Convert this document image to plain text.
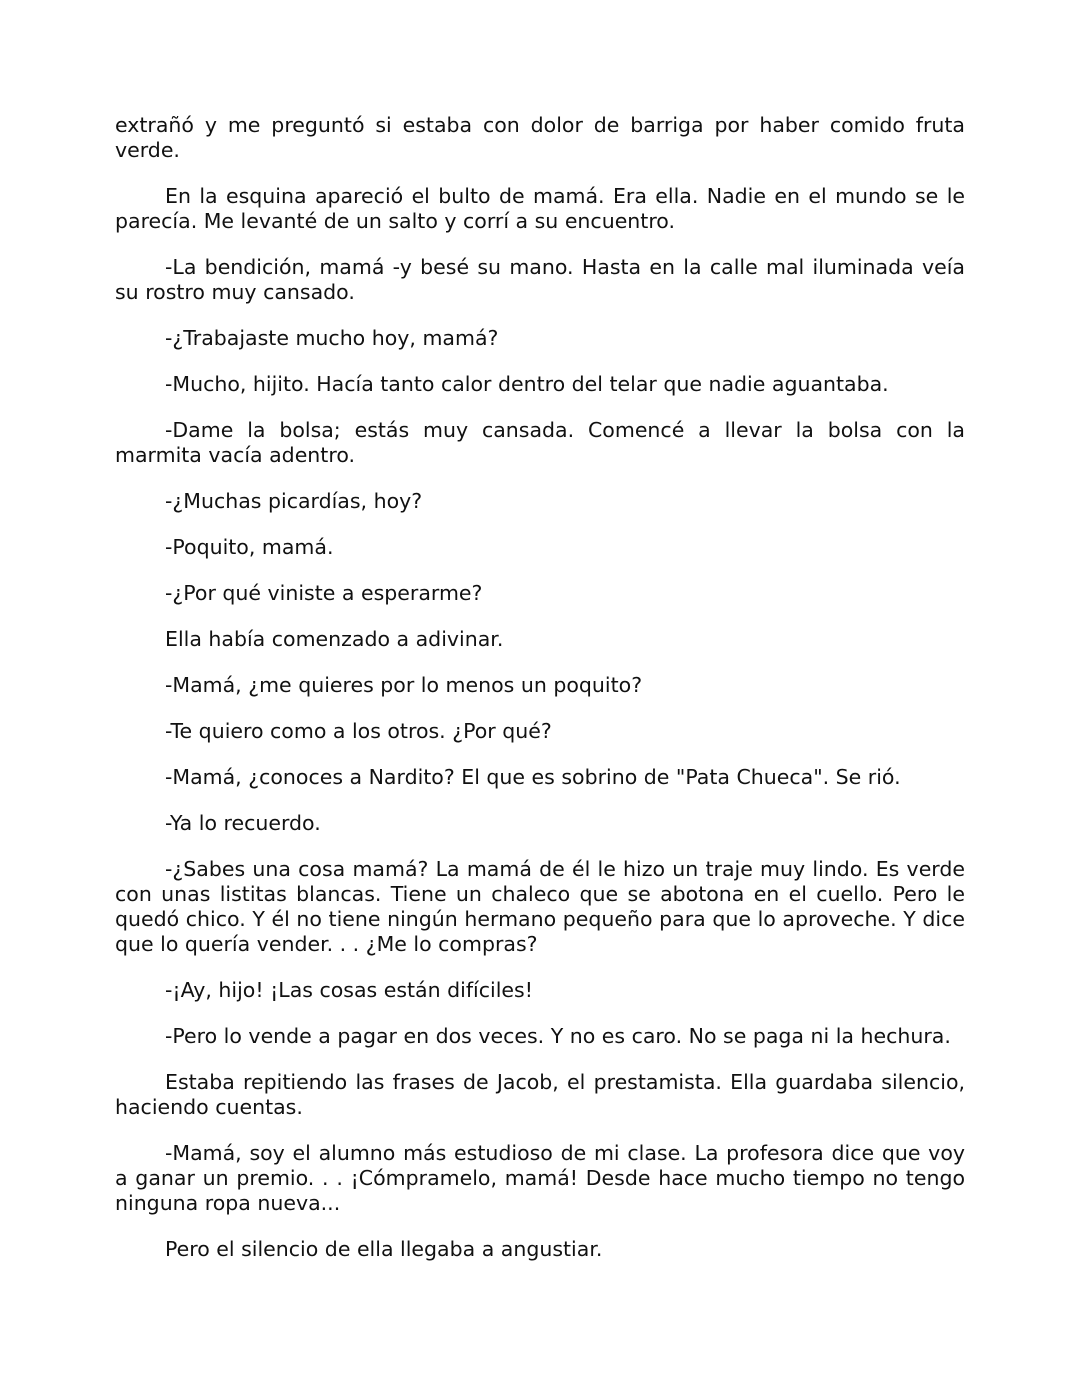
extrañó y me preguntó si estaba con dolor de barriga por haber comido fruta verde.

En la esquina apareció el bulto de mamá. Era ella. Nadie en el mundo se le parecía. Me levanté de un salto y corrí a su encuentro.

-La bendición, mamá -y besé su mano. Hasta en la calle mal iluminada veía su rostro muy cansado.

-¿Trabajaste mucho hoy, mamá?

-Mucho, hijito. Hacía tanto calor dentro del telar que nadie aguantaba.

-Dame la bolsa; estás muy cansada. Comencé a llevar la bolsa con la marmita vacía adentro.

-¿Muchas picardías, hoy?

-Poquito, mamá.

-¿Por qué viniste a esperarme?

Ella había comenzado a adivinar.

-Mamá, ¿me quieres por lo menos un poquito?

-Te quiero como a los otros. ¿Por qué?

-Mamá, ¿conoces a Nardito? El que es sobrino de "Pata Chueca". Se rió.

-Ya lo recuerdo.

-¿Sabes una cosa mamá? La mamá de él le hizo un traje muy lindo. Es verde con unas listitas blancas. Tiene un chaleco que se abotona en el cuello. Pero le quedó chico. Y él no tiene ningún hermano pequeño para que lo aproveche. Y dice que lo quería vender. . . ¿Me lo compras?

-¡Ay, hijo! ¡Las cosas están difíciles!

-Pero lo vende a pagar en dos veces. Y no es caro. No se paga ni la hechura.

Estaba repitiendo las frases de Jacob, el prestamista. Ella guardaba silencio, haciendo cuentas.

-Mamá, soy el alumno más estudioso de mi clase. La profesora dice que voy a ganar un premio. . . ¡Cómpramelo, mamá! Desde hace mucho tiempo no tengo ninguna ropa nueva...

Pero el silencio de ella llegaba a angustiar.
